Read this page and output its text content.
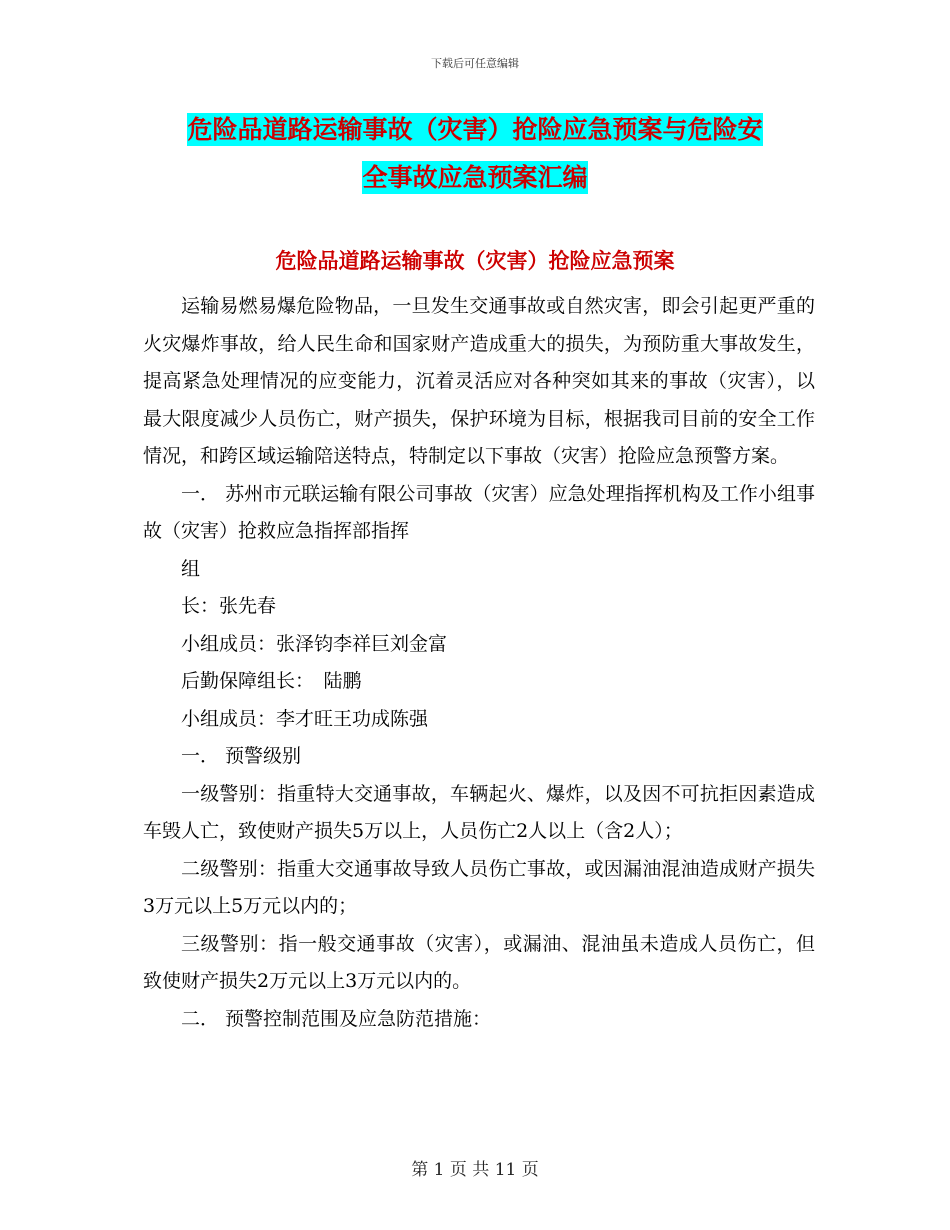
下载后可任意编辑
危险品道路运输事故（灾害）抢险应急预案与危险安
全事故应急预案汇编
危险品道路运输事故（灾害）抢险应急预案

运输易燃易爆危险物品，一旦发生交通事故或自然灾害，即会引起更严重的火灾爆炸事故，给人民生命和国家财产造成重大的损失，为预防重大事故发生，提高紧急处理情况的应变能力，沉着灵活应对各种突如其来的事故（灾害），以最大限度减少人员伤亡，财产损失，保护环境为目标，根据我司目前的安全工作情况，和跨区域运输陪送特点，特制定以下事故（灾害）抢险应急预警方案。

一． 苏州市元联运输有限公司事故（灾害）应急处理指挥机构及工作小组事故（灾害）抢救应急指挥部指挥

组

长：张先春

小组成员：张泽钧李祥巨刘金富

后勤保障组长：　陆鹏

小组成员：李才旺王功成陈强

一． 预警级别

一级警别：指重特大交通事故，车辆起火、爆炸，以及因不可抗拒因素造成车毁人亡，致使财产损失5万以上，人员伤亡2人以上（含2人）；

二级警别：指重大交通事故导致人员伤亡事故，或因漏油混油造成财产损失3万元以上5万元以内的；

三级警别：指一般交通事故（灾害），或漏油、混油虽未造成人员伤亡，但致使财产损失2万元以上3万元以内的。

二． 预警控制范围及应急防范措施：

第 1 页 共 11 页
